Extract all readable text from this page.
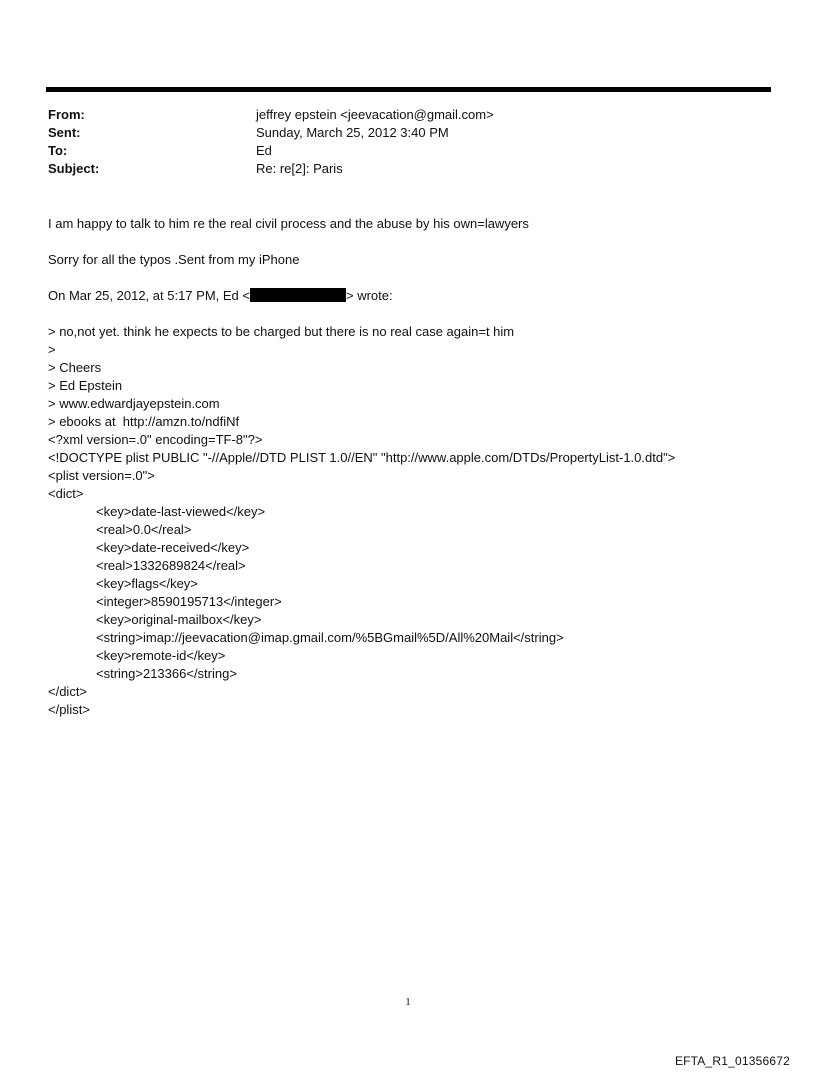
From:	jeffrey epstein <jeevacation@gmail.com>
Sent:	Sunday, March 25, 2012 3:40 PM
To:	Ed
Subject:	Re: re[2]: Paris

I am happy to talk to him re the real civil process and the abuse by his own=lawyers

Sorry for all the typos .Sent from my iPhone

On Mar 25, 2012, at 5:17 PM, Ed <	> wrote:

> no,not yet. think he expects to be charged but there is no real case again=t him

>

> Cheers

> Ed Epstein

> www.edwardjayepstein.com

> ebooks at  http://amzn.to/ndfiNf

<?xml version=.0" encoding=TF-8"?>

<!DOCTYPE plist PUBLIC "-//Apple//DTD PLIST 1.0//EN" "http://www.apple.com/DTDs/PropertyList-1.0.dtd">

<plist version=.0">

<dict>

<key>date-last-viewed</key>

<real>0.0</real>

<key>date-received</key>

<real>1332689824</real>

<key>flags</key>

<integer>8590195713</integer>

<key>original-mailbox</key>

<string>imap://jeevacation@imap.gmail.com/%5BGmail%5D/All%20Mail</string>

<key>remote-id</key>

<string>213366</string>

</dict>

</plist>

1
EFTA_R1_01356672
